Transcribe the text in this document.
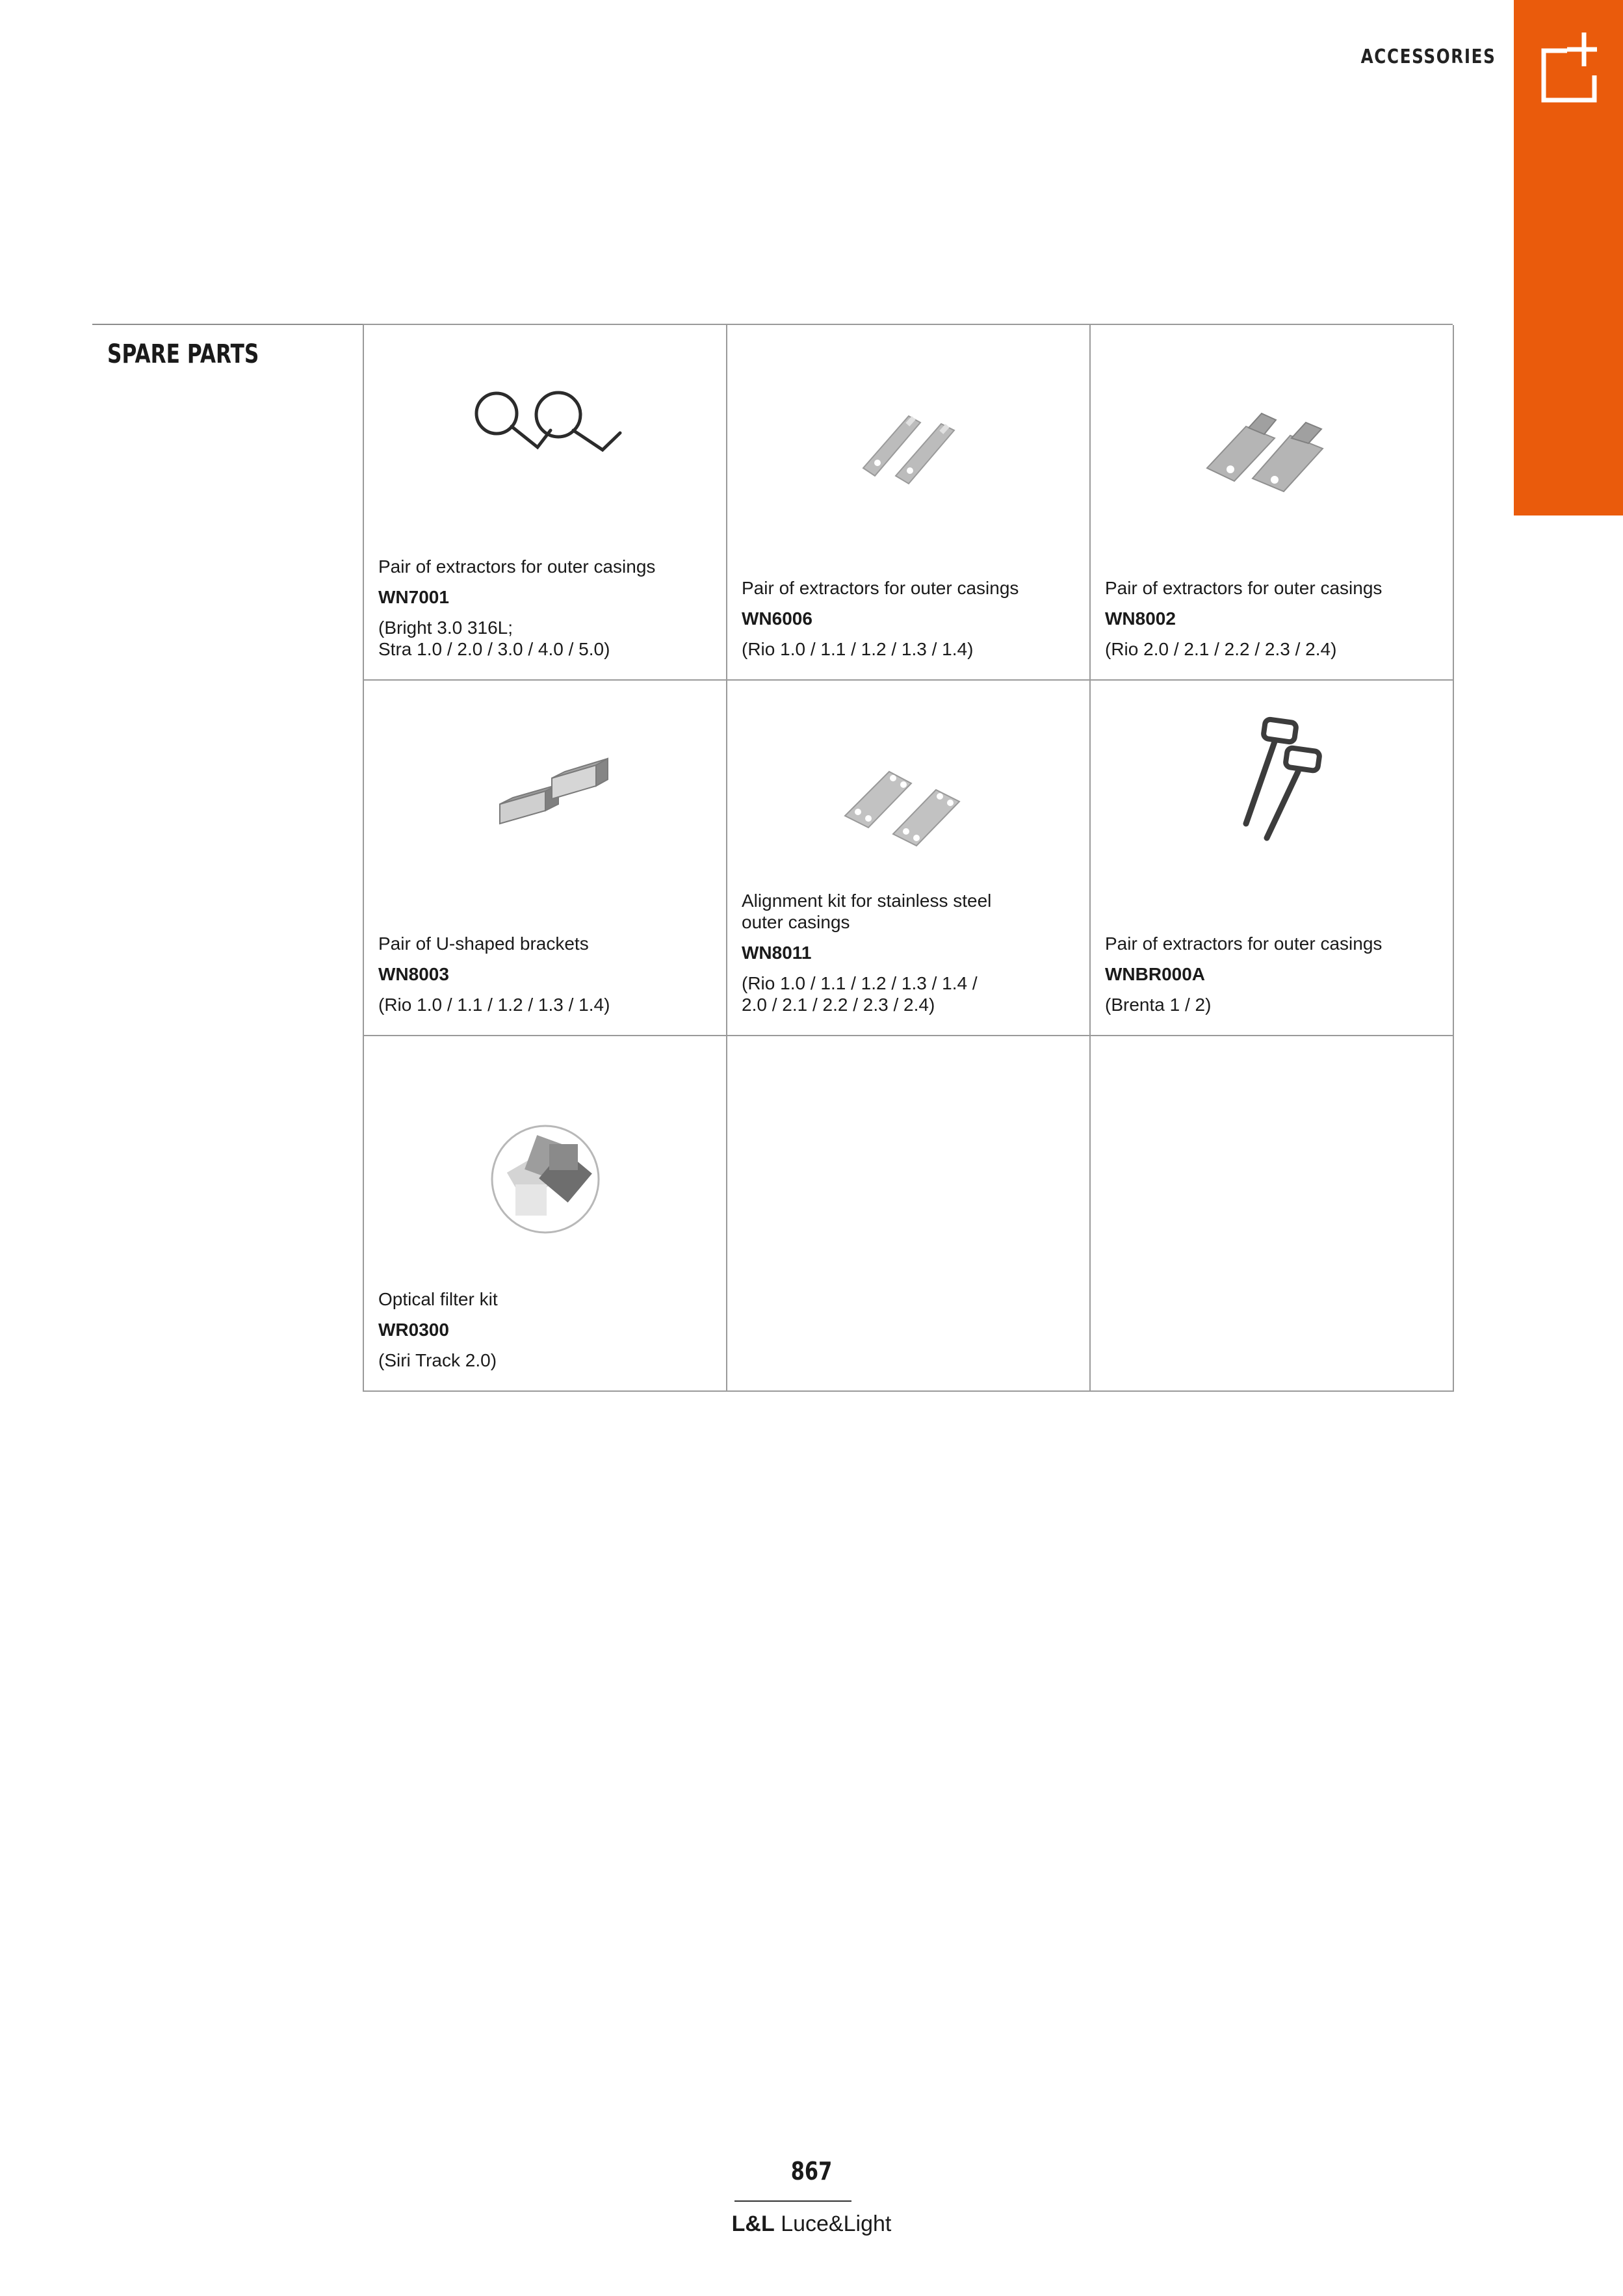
ACCESSORIES
SPARE PARTS
Pair of extractors for outer casings
WN7001
(Bright 3.0 316L;
Stra 1.0 / 2.0 / 3.0 / 4.0 / 5.0)
Pair of extractors for outer casings
WN6006
(Rio 1.0 / 1.1 / 1.2 / 1.3 / 1.4)
Pair of extractors for outer casings
WN8002
(Rio 2.0 / 2.1 / 2.2 / 2.3 / 2.4)
Pair of U-shaped brackets
WN8003
(Rio 1.0 / 1.1 / 1.2 / 1.3 / 1.4)
Alignment kit for stainless steel
outer casings
WN8011
(Rio 1.0 / 1.1 / 1.2 / 1.3 / 1.4 /
2.0 / 2.1 / 2.2 / 2.3 / 2.4)
Pair of extractors for outer casings
WNBR000A
(Brenta 1 / 2)
Optical filter kit
WR0300
(Siri Track 2.0)
867
L&L Luce&Light
